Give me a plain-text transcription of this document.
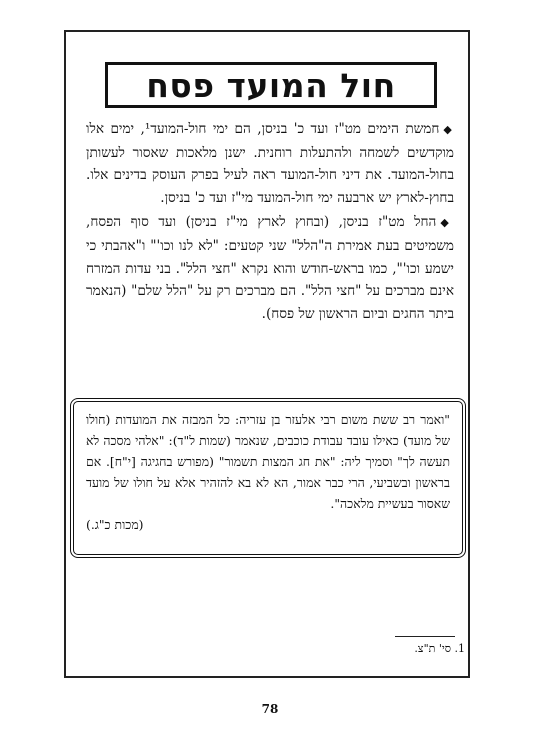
חול המועד פסח

◆חמשת הימים מט"ז ועד כ' בניסן, הם ימי חול-המועד¹, ימים אלו מוקדשים לשמחה ולהתעלות רוחנית. ישנן מלאכות שאסור לעשותן בחול-המועד. את דיני חול-המועד ראה לעיל בפרק העוסק בדינים אלו. בחוץ-לארץ יש ארבעה ימי חול-המועד מי"ז ועד כ' בניסן.

◆החל מט"ז בניסן, (ובחוץ לארץ מי"ז בניסן) ועד סוף הפסח, משמיטים בעת אמירת ה"הלל" שני קטעים: "לא לנו וכו'" ו"אהבתי כי ישמע וכו'", כמו בראש-חודש והוא נקרא "חצי הלל". בני עדות המזרח אינם מברכים על "חצי הלל". הם מברכים רק על "הלל שלם" (הנאמר ביתר החגים וביום הראשון של פסח).

"ואמר רב ששת משום רבי אלעזר בן עזריה: כל המבזה את המועדות (חולו של מועד) כאילו עובד עבודת כוכבים, שנאמר (שמות ל"ד): "אלהי מסכה לא תעשה לך" וסמיך ליה: "את חג המצות תשמור" (מפורש בחגיגה [י"ח]. אם בראשון ובשביעי, הרי כבר אמור, הא לא בא להזהיר אלא על חולו של מועד שאסור בעשיית מלאכה".
(מכות כ"ג.)
1. סי' ת"צ.
78
